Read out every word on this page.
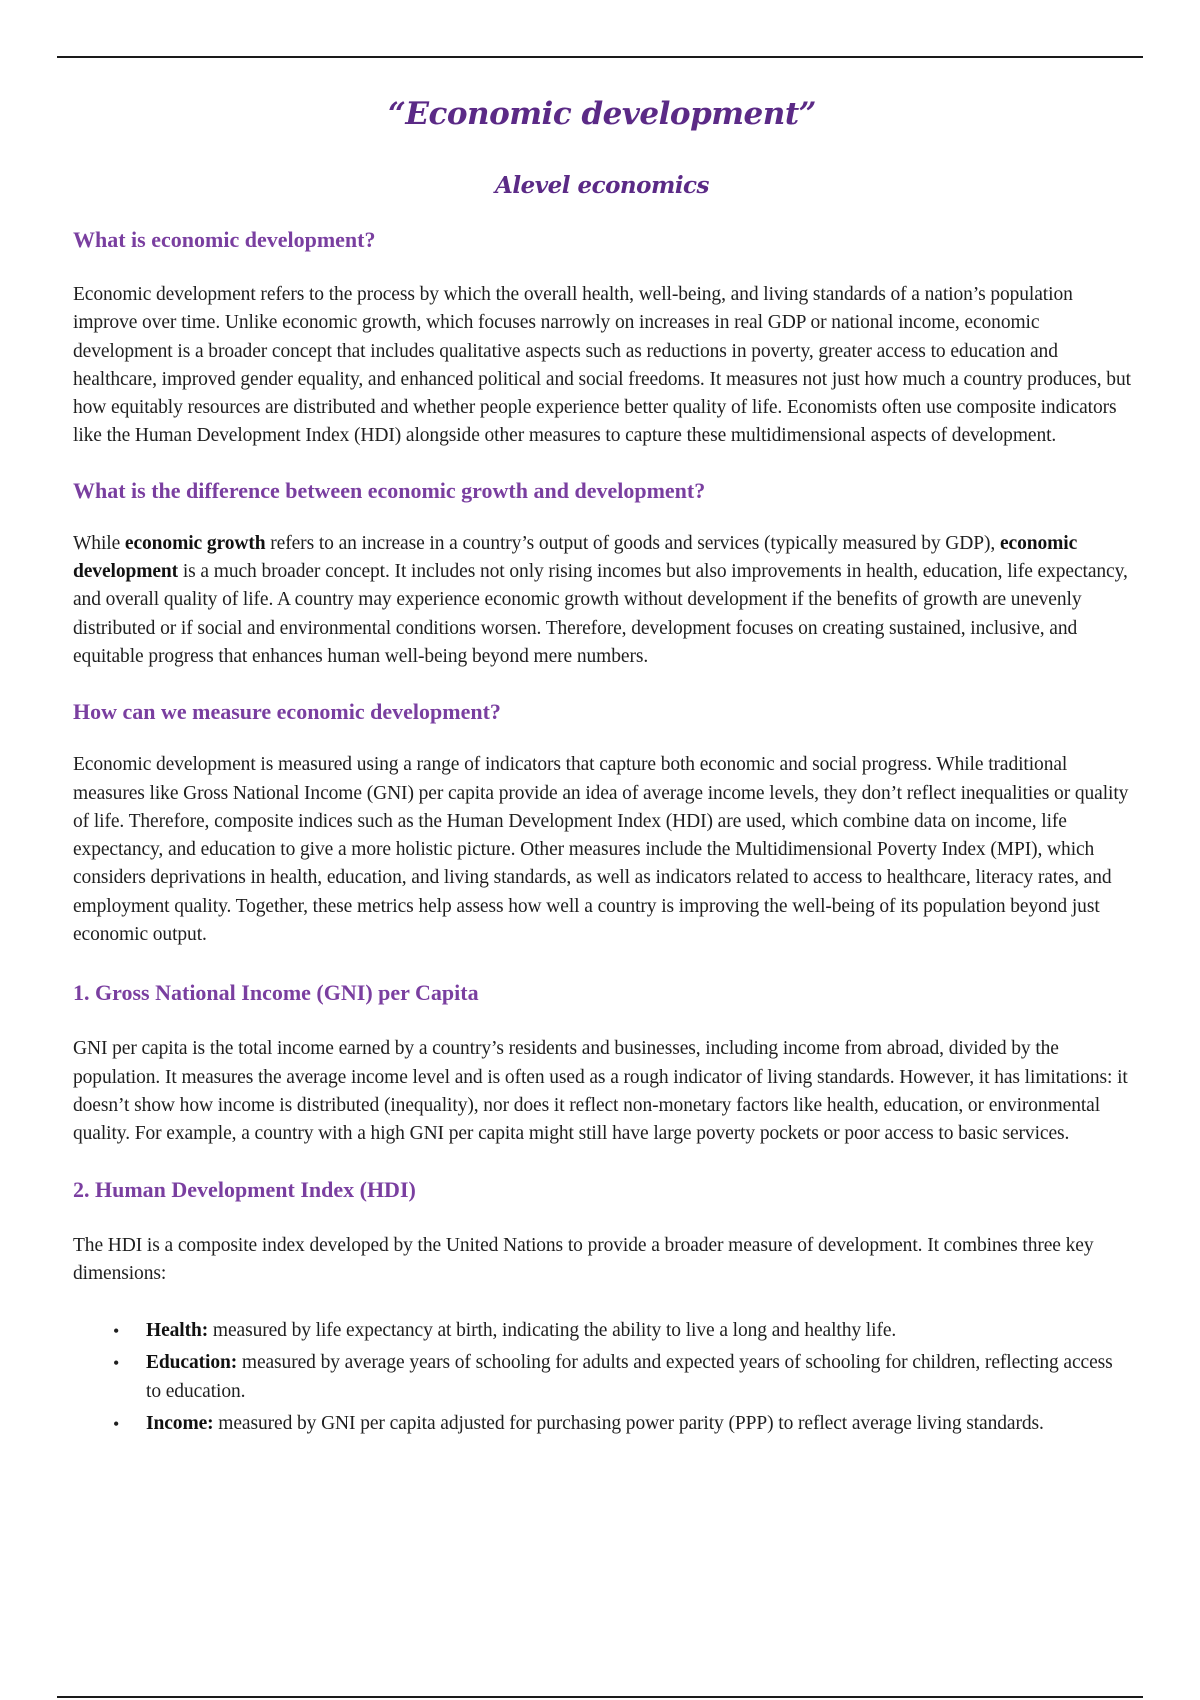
“Economic development”
Alevel economics
What is economic development?

Economic development refers to the process by which the overall health, well-being, and living standards of a nation’s population improve over time. Unlike economic growth, which focuses narrowly on increases in real GDP or national income, economic development is a broader concept that includes qualitative aspects such as reductions in poverty, greater access to education and healthcare, improved gender equality, and enhanced political and social freedoms. It measures not just how much a country produces, but how equitably resources are distributed and whether people experience better quality of life. Economists often use composite indicators like the Human Development Index (HDI) alongside other measures to capture these multidimensional aspects of development.

What is the difference between economic growth and development?

While economic growth refers to an increase in a country’s output of goods and services (typically measured by GDP), economic development is a much broader concept. It includes not only rising incomes but also improvements in health, education, life expectancy, and overall quality of life. A country may experience economic growth without development if the benefits of growth are unevenly distributed or if social and environmental conditions worsen. Therefore, development focuses on creating sustained, inclusive, and equitable progress that enhances human well-being beyond mere numbers.

How can we measure economic development?

Economic development is measured using a range of indicators that capture both economic and social progress. While traditional measures like Gross National Income (GNI) per capita provide an idea of average income levels, they don’t reflect inequalities or quality of life. Therefore, composite indices such as the Human Development Index (HDI) are used, which combine data on income, life expectancy, and education to give a more holistic picture. Other measures include the Multidimensional Poverty Index (MPI), which considers deprivations in health, education, and living standards, as well as indicators related to access to healthcare, literacy rates, and employment quality. Together, these metrics help assess how well a country is improving the well-being of its population beyond just economic output.

1. Gross National Income (GNI) per Capita

GNI per capita is the total income earned by a country’s residents and businesses, including income from abroad, divided by the population. It measures the average income level and is often used as a rough indicator of living standards. However, it has limitations: it doesn’t show how income is distributed (inequality), nor does it reflect non-monetary factors like health, education, or environmental quality. For example, a country with a high GNI per capita might still have large poverty pockets or poor access to basic services.

2. Human Development Index (HDI)

The HDI is a composite index developed by the United Nations to provide a broader measure of development. It combines three key dimensions:

• Health: measured by life expectancy at birth, indicating the ability to live a long and healthy life.
• Education: measured by average years of schooling for adults and expected years of schooling for children, reflecting access to education.
• Income: measured by GNI per capita adjusted for purchasing power parity (PPP) to reflect average living standards.
